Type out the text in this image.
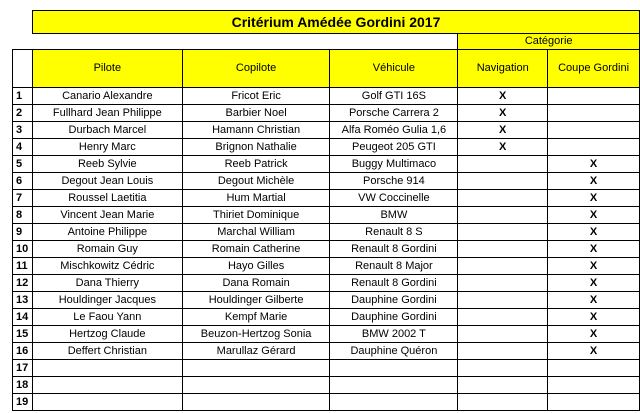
	Critérium Amédée Gordini 2017				
				Catégorie	
	Pilote	Copilote	Véhicule	Navigation	Coupe Gordini
1	Canario Alexandre	Fricot Eric	Golf GTI 16S	X	
2	Fullhard Jean Philippe	Barbier Noel	Porsche Carrera 2	X	
3	Durbach Marcel	Hamann Christian	Alfa Roméo Gulia 1,6	X	
4	Henry Marc	Brignon Nathalie	Peugeot 205 GTI	X	
5	Reeb Sylvie	Reeb Patrick	Buggy Multimaco		X
6	Degout Jean Louis	Degout Michèle	Porsche 914		X
7	Roussel Laetitia	Hum Martial	VW Coccinelle		X
8	Vincent Jean Marie	Thiriet Dominique	BMW		X
9	Antoine Philippe	Marchal William	Renault 8 S		X
10	Romain Guy	Romain Catherine	Renault 8 Gordini		X
11	Mischkowitz Cédric	Hayo Gilles	Renault 8 Major		X
12	Dana Thierry	Dana Romain	Renault 8 Gordini		X
13	Houldinger Jacques	Houldinger Gilberte	Dauphine Gordini		X
14	Le Faou Yann	Kempf Marie	Dauphine Gordini		X
15	Hertzog Claude	Beuzon-Hertzog Sonia	BMW 2002 T		X
16	Deffert Christian	Marullaz Gérard	Dauphine Quéron		X
17					
18					
19					
